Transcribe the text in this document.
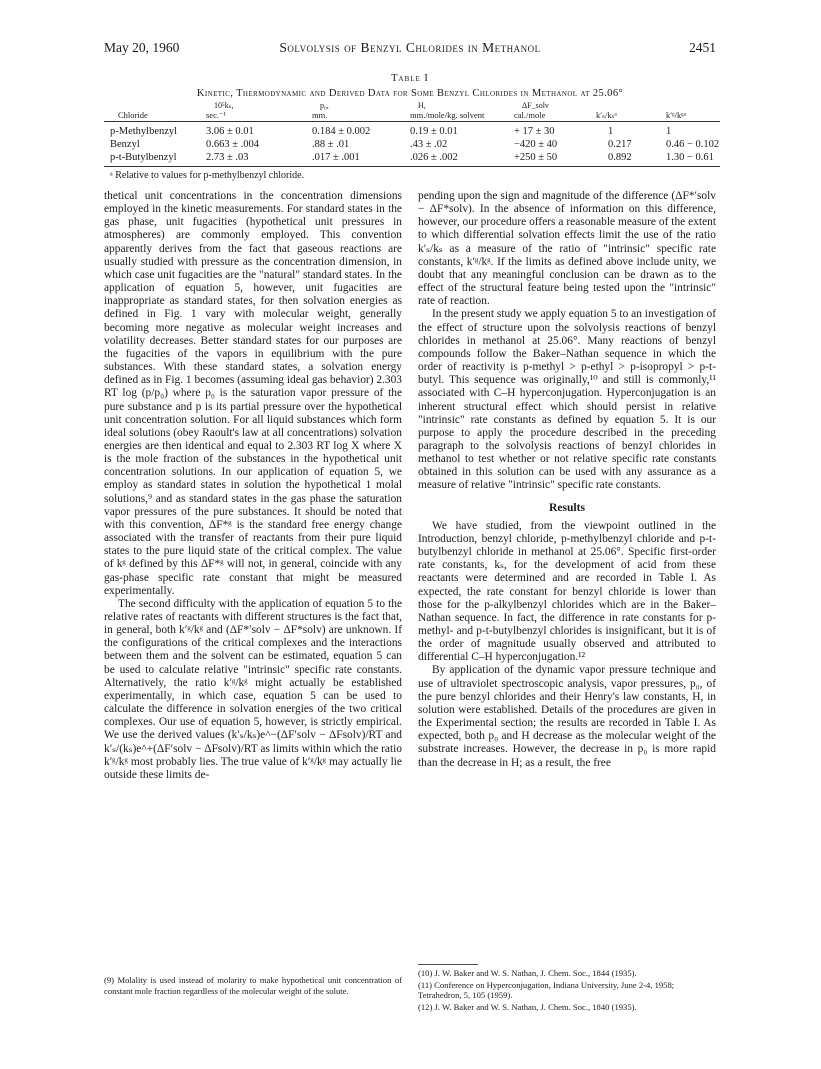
May 20, 1960	Solvolysis of Benzyl Chlorides in Methanol	2451
Table I
Kinetic, Thermodynamic and Derived Data for Some Benzyl Chlorides in Methanol at 25.06°
10⁵kₛ,	p₀,	H,	ΔF_solv
Chloride	sec.⁻¹	mm.	mm./mole/kg. solvent	cal./mole	k′ₛ/kₛᵃ	k′ᵍ/kᵍᵃ
p-Methylbenzyl	3.06 ± 0.01	0.184 ± 0.002	0.19 ± 0.01	+ 17 ± 30	1	1
Benzyl	0.663 ± .004	.88 ± .01	.43 ± .02	−420 ± 40	0.217	0.46 − 0.102
p-t-Butylbenzyl	2.73 ± .03	.017 ± .001	.026 ± .002	+250 ± 50	0.892	1.30 − 0.61
ᵃ Relative to values for p-methylbenzyl chloride.

thetical unit concentrations in the concentration dimensions employed in the kinetic measurements. For standard states in the gas phase, unit fugacities (hypothetical unit pressures in atmospheres) are commonly employed. This convention apparently derives from the fact that gaseous reactions are usually studied with pressure as the concentration dimension, in which case unit fugacities are the "natural" standard states. In the application of equation 5, however, unit fugacities are inappropriate as standard states, for then solvation energies as defined in Fig. 1 vary with molecular weight, generally becoming more negative as molecular weight increases and volatility decreases. Better standard states for our purposes are the fugacities of the vapors in equilibrium with the pure substances. With these standard states, a solvation energy defined as in Fig. 1 becomes (assuming ideal gas behavior) 2.303 RT log (p/p₀) where p₀ is the saturation vapor pressure of the pure substance and p is its partial pressure over the hypothetical unit concentration solution. For all liquid substances which form ideal solutions (obey Raoult's law at all concentrations) solvation energies are then identical and equal to 2.303 RT log X where X is the mole fraction of the substances in the hypothetical unit concentration solutions. In our application of equation 5, we employ as standard states in solution the hypothetical 1 molal solutions,⁹ and as standard states in the gas phase the saturation vapor pressures of the pure substances. It should be noted that with this convention, ΔF*ᵍ is the standard free energy change associated with the transfer of reactants from their pure liquid states to the pure liquid state of the critical complex. The value of kᵍ defined by this ΔF*ᵍ will not, in general, coincide with any gas-phase specific rate constant that might be measured experimentally.

The second difficulty with the application of equation 5 to the relative rates of reactants with different structures is the fact that, in general, both k′ᵍ/kᵍ and (ΔF*′solv − ΔF*solv) are unknown. If the configurations of the critical complexes and the interactions between them and the solvent can be estimated, equation 5 can be used to calculate relative "intrinsic" specific rate constants. Alternatively, the ratio k′ᵍ/kᵍ might actually be established experimentally, in which case, equation 5 can be used to calculate the difference in solvation energies of the two critical complexes. Our use of equation 5, however, is strictly empirical. We use the derived values (k′ₛ/kₛ)e^−(ΔF′solv − ΔFsolv)/RT and k′ₛ/(kₛ)e^+(ΔF′solv − ΔFsolv)/RT as limits within which the ratio k′ᵍ/kᵍ most probably lies. The true value of k′ᵍ/kᵍ may actually lie outside these limits de-

pending upon the sign and magnitude of the difference (ΔF*′solv − ΔF*solv). In the absence of information on this difference, however, our procedure offers a reasonable measure of the extent to which differential solvation effects limit the use of the ratio k′ₛ/kₛ as a measure of the ratio of "intrinsic" specific rate constants, k′ᵍ/kᵍ. If the limits as defined above include unity, we doubt that any meaningful conclusion can be drawn as to the effect of the structural feature being tested upon the "intrinsic" rate of reaction.

In the present study we apply equation 5 to an investigation of the effect of structure upon the solvolysis reactions of benzyl chlorides in methanol at 25.06°. Many reactions of benzyl compounds follow the Baker–Nathan sequence in which the order of reactivity is p-methyl > p-ethyl > p-isopropyl > p-t-butyl. This sequence was originally,¹⁰ and still is commonly,¹¹ associated with C–H hyperconjugation. Hyperconjugation is an inherent structural effect which should persist in relative "intrinsic" rate constants as defined by equation 5. It is our purpose to apply the procedure described in the preceding paragraph to the solvolysis reactions of benzyl chlorides in methanol to test whether or not relative specific rate constants obtained in this solution can be used with any assurance as a measure of relative "intrinsic" specific rate constants.

Results

We have studied, from the viewpoint outlined in the Introduction, benzyl chloride, p-methylbenzyl chloride and p-t-butylbenzyl chloride in methanol at 25.06°. Specific first-order rate constants, kₛ, for the development of acid from these reactants were determined and are recorded in Table I. As expected, the rate constant for benzyl chloride is lower than those for the p-alkylbenzyl chlorides which are in the Baker–Nathan sequence. In fact, the difference in rate constants for p-methyl- and p-t-butylbenzyl chlorides is insignificant, but it is of the order of magnitude usually observed and attributed to differential C–H hyperconjugation.¹²

By application of the dynamic vapor pressure technique and use of ultraviolet spectroscopic analysis, vapor pressures, p₀, of the pure benzyl chlorides and their Henry's law constants, H, in solution were established. Details of the procedures are given in the Experimental section; the results are recorded in Table I. As expected, both p₀ and H decrease as the molecular weight of the substrate increases. However, the decrease in p₀ is more rapid than the decrease in H; as a result, the free

(9) Molality is used instead of molarity to make hypothetical unit concentration of constant mole fraction regardless of the molecular weight of the solute.
(10) J. W. Baker and W. S. Nathan, J. Chem. Soc., 1844 (1935).
(11) Conference on Hyperconjugation, Indiana University, June 2-4, 1958; Tetrahedron, 5, 105 (1959).
(12) J. W. Baker and W. S. Nathan, J. Chem. Soc., 1840 (1935).
